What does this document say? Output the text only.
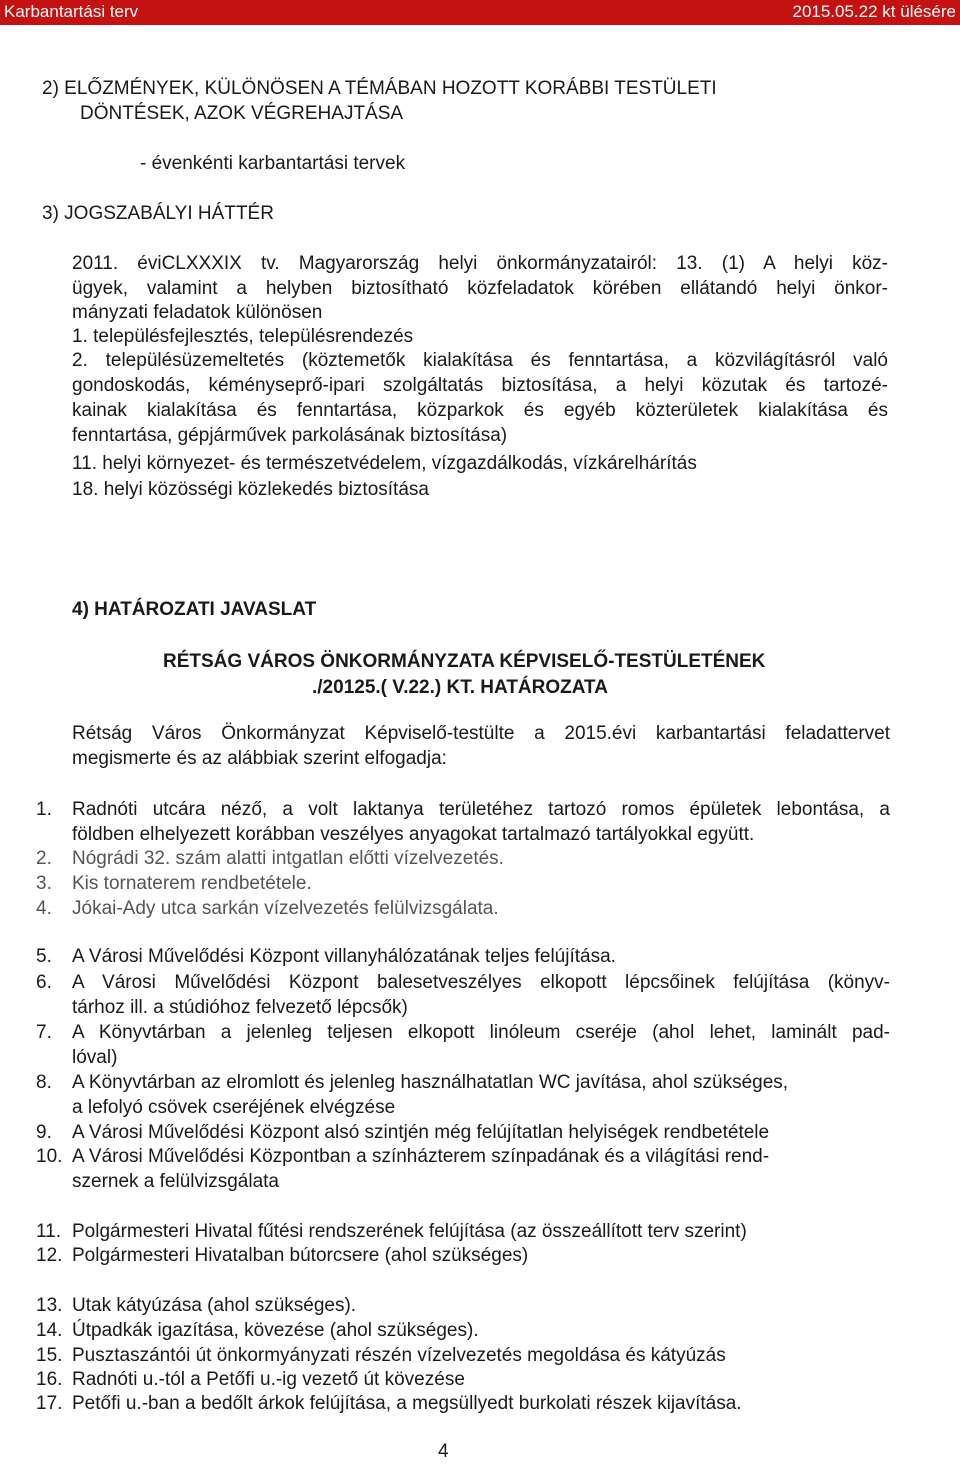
Karbantartási terv	2015.05.22 kt ülésére
2) ELŐZMÉNYEK, KÜLÖNÖSEN A TÉMÁBAN HOZOTT KORÁBBI TESTÜLETI
DÖNTÉSEK, AZOK VÉGREHAJTÁSA
- évenkénti karbantartási tervek
3) JOGSZABÁLYI HÁTTÉR
2011. éviCLXXXIX tv. Magyarország helyi önkormányzatairól: 13. (1) A helyi köz-
ügyek, valamint a helyben biztosítható közfeladatok körében ellátandó helyi önkor-
mányzati feladatok különösen
1. településfejlesztés, településrendezés
2. településüzemeltetés (köztemetők kialakítása és fenntartása, a közvilágításról való
gondoskodás, kéményseprő-ipari szolgáltatás biztosítása, a helyi közutak és tartozé-
kainak kialakítása és fenntartása, közparkok és egyéb közterületek kialakítása és
fenntartása, gépjárművek parkolásának biztosítása)
11. helyi környezet- és természetvédelem, vízgazdálkodás, vízkárelhárítás
18. helyi közösségi közlekedés biztosítása
4) HATÁROZATI JAVASLAT
RÉTSÁG VÁROS ÖNKORMÁNYZATA KÉPVISELŐ-TESTÜLETÉNEK
./20125.( V.22.) KT. HATÁROZATA
Rétság Város Önkormányzat Képviselő-testülte a 2015.évi karbantartási feladattervet
megismerte és az alábbiak szerint elfogadja:
1. Radnóti utcára néző, a volt laktanya területéhez tartozó romos épületek lebontása, a
földben elhelyezett korábban veszélyes anyagokat tartalmazó tartályokkal együtt.
2. Nógrádi 32. szám alatti intgatlan előtti vízelvezetés.
3. Kis tornaterem rendbetétele.
4. Jókai-Ady utca sarkán vízelvezetés felülvizsgálata.
5. A Városi Művelődési Központ villanyhálózatának teljes felújítása.
6. A Városi Művelődési Központ balesetveszélyes elkopott lépcsőinek felújítása (könyv-
tárhoz ill. a stúdióhoz felvezető lépcsők)
7. A Könyvtárban a jelenleg teljesen elkopott linóleum cseréje (ahol lehet, laminált pad-
lóval)
8. A Könyvtárban az elromlott és jelenleg használhatatlan WC javítása, ahol szükséges,
a lefolyó csövek cseréjének elvégzése
9. A Városi Művelődési Központ alsó szintjén még felújítatlan helyiségek rendbetétele
10. A Városi Művelődési Központban a színházterem színpadának és a világítási rend-
szernek a felülvizsgálata
11. Polgármesteri Hivatal fűtési rendszerének felújítása (az összeállított terv szerint)
12. Polgármesteri Hivatalban bútorcsere (ahol szükséges)
13. Utak kátyúzása (ahol szükséges).
14. Útpadkák igazítása, kövezése (ahol szükséges).
15. Pusztaszántói út önkormyányzati részén vízelvezetés megoldása és kátyúzás
16. Radnóti u.-tól a Petőfi u.-ig vezető út kövezése
17. Petőfi u.-ban a bedőlt árkok felújítása, a megsüllyedt burkolati részek kijavítása.
4
